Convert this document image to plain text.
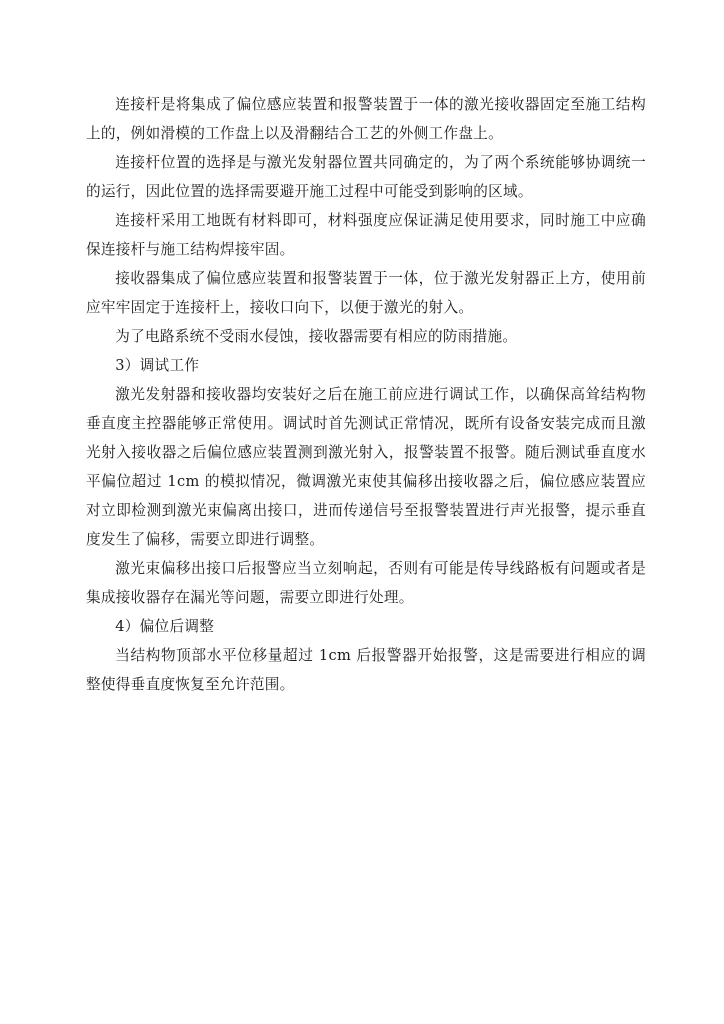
连接杆是将集成了偏位感应装置和报警装置于一体的激光接收器固定至施工结构上的，例如滑模的工作盘上以及滑翻结合工艺的外侧工作盘上。

连接杆位置的选择是与激光发射器位置共同确定的，为了两个系统能够协调统一的运行，因此位置的选择需要避开施工过程中可能受到影响的区域。

连接杆采用工地既有材料即可，材料强度应保证满足使用要求，同时施工中应确保连接杆与施工结构焊接牢固。

接收器集成了偏位感应装置和报警装置于一体，位于激光发射器正上方，使用前应牢牢固定于连接杆上，接收口向下，以便于激光的射入。

为了电路系统不受雨水侵蚀，接收器需要有相应的防雨措施。

3）调试工作

激光发射器和接收器均安装好之后在施工前应进行调试工作，以确保高耸结构物垂直度主控器能够正常使用。调试时首先测试正常情况，既所有设备安装完成而且激光射入接收器之后偏位感应装置测到激光射入，报警装置不报警。随后测试垂直度水平偏位超过 1cm 的模拟情况，微调激光束使其偏移出接收器之后，偏位感应装置应对立即检测到激光束偏离出接口，进而传递信号至报警装置进行声光报警，提示垂直度发生了偏移，需要立即进行调整。

激光束偏移出接口后报警应当立刻响起，否则有可能是传导线路板有问题或者是集成接收器存在漏光等问题，需要立即进行处理。

4）偏位后调整

当结构物顶部水平位移量超过 1cm 后报警器开始报警，这是需要进行相应的调整使得垂直度恢复至允许范围。
